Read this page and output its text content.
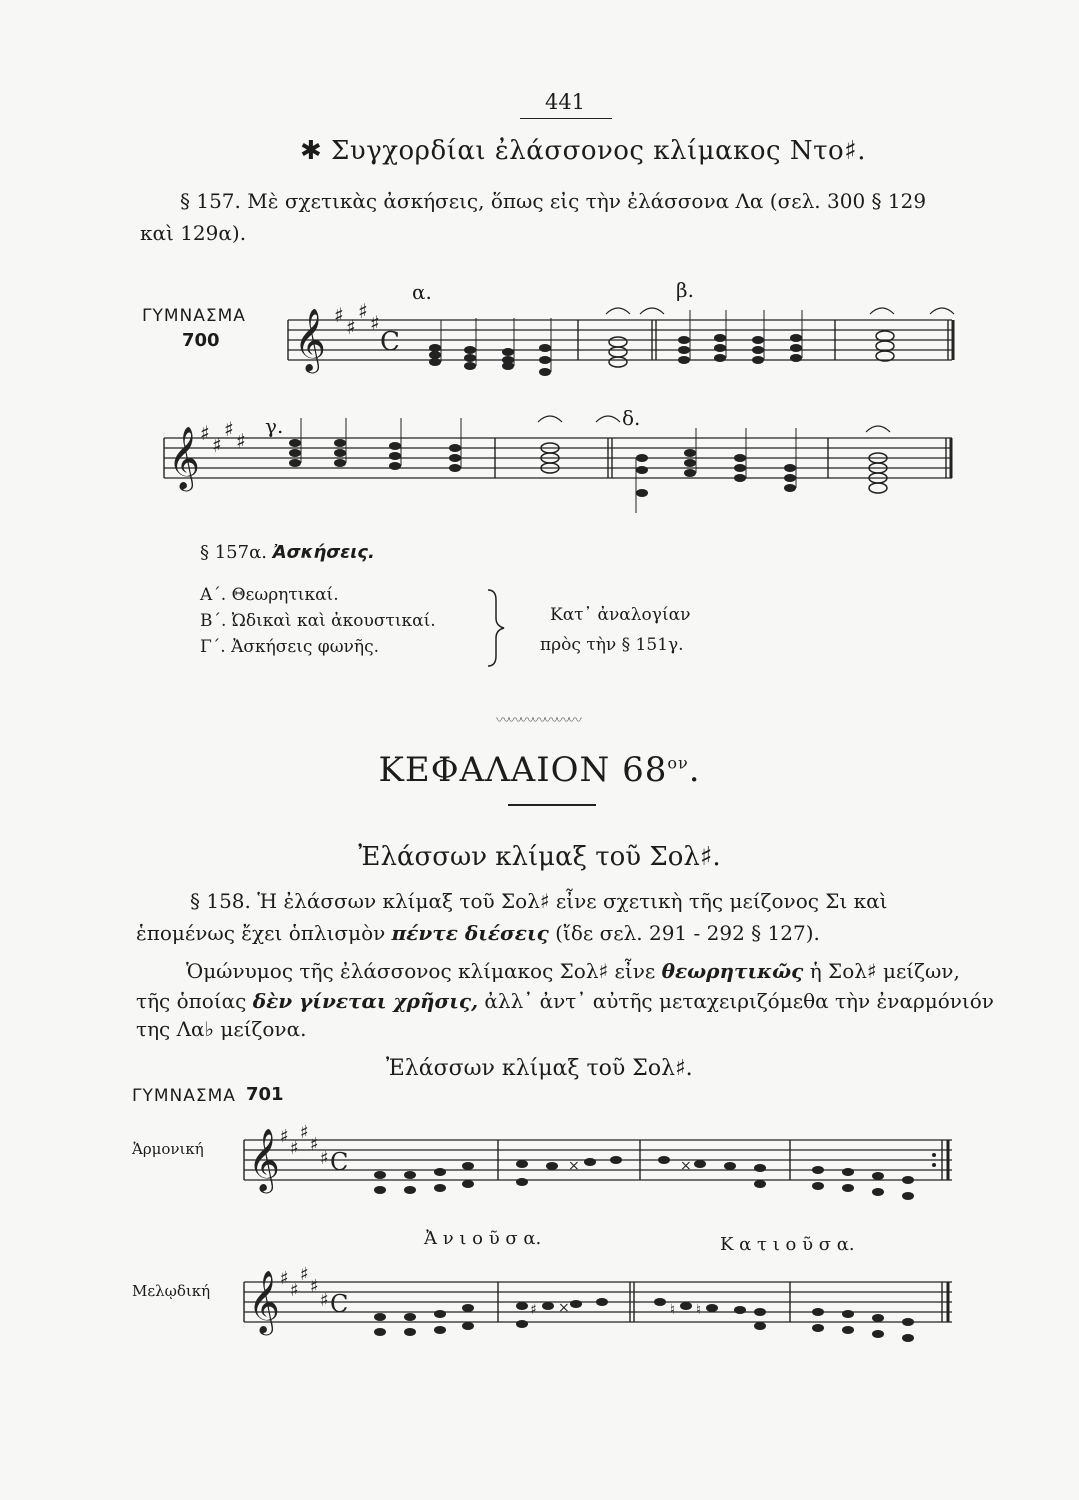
441
✱ Συγχορδίαι ἐλάσσονος κλίμακος Ντο♯.
§ 157. Μὲ σχετικὰς ἀσκήσεις, ὅπως εἰς τὴν ἐλάσσονα Λα (σελ. 300 § 129
καὶ 129α).
ΓΥΜΝΑΣΜΑ
700 𝄞 ♯ ♯
♯ ♯
C
α.	β.
𝄞 ♯ ♯
♯ ♯
γ.	δ.
§ 157α. Ἀσκήσεις.
Α΄. Θεωρητικαί.
Β΄. Ὠδικαὶ καὶ ἀκουστικαί.
Γ΄. Ἀσκήσεις φωνῆς.
Κατ᾽ ἀναλογίαν
πρὸς τὴν § 151γ.
〰〰〰〰〰〰〰
ΚΕΦΑΛΑΙΟΝ $68^{o\nu}$.
Ἐλάσσων κλίμαξ τοῦ Σολ♯.
§ 158. Ἡ ἐλάσσων κλίμαξ τοῦ Σολ♯ εἶνε σχετικὴ τῆς μείζονος Σι καὶ
ἑπομένως ἔχει ὁπλισμὸν πέντε διέσεις (ἴδε σελ. 291 - 292 § 127).
Ὁμώνυμος τῆς ἐλάσσονος κλίμακος Σολ♯ εἶνε θεωρητικῶς ἡ Σολ♯ μείζων,
τῆς ὁποίας δὲν γίνεται χρῆσις, ἀλλ᾽ ἀντ᾽ αὐτῆς μεταχειριζόμεθα τὴν ἐναρμόνιόν
της Λα♭ μείζονα.
Ἐλάσσων κλίμαξ τοῦ Σολ♯.
ΓΥΜΝΑΣΜΑ 701
Ἁρμονική 𝄞 ♯
♯
♯
♯
♯ C	×	×
Ἀ ν ι ο ῦ σ α.	Κ α τ ι ο ῦ σ α.
Μελῳδική 𝄞 ♯
♯
♯
♯
♯ C	♯ ×	♮ ♮
